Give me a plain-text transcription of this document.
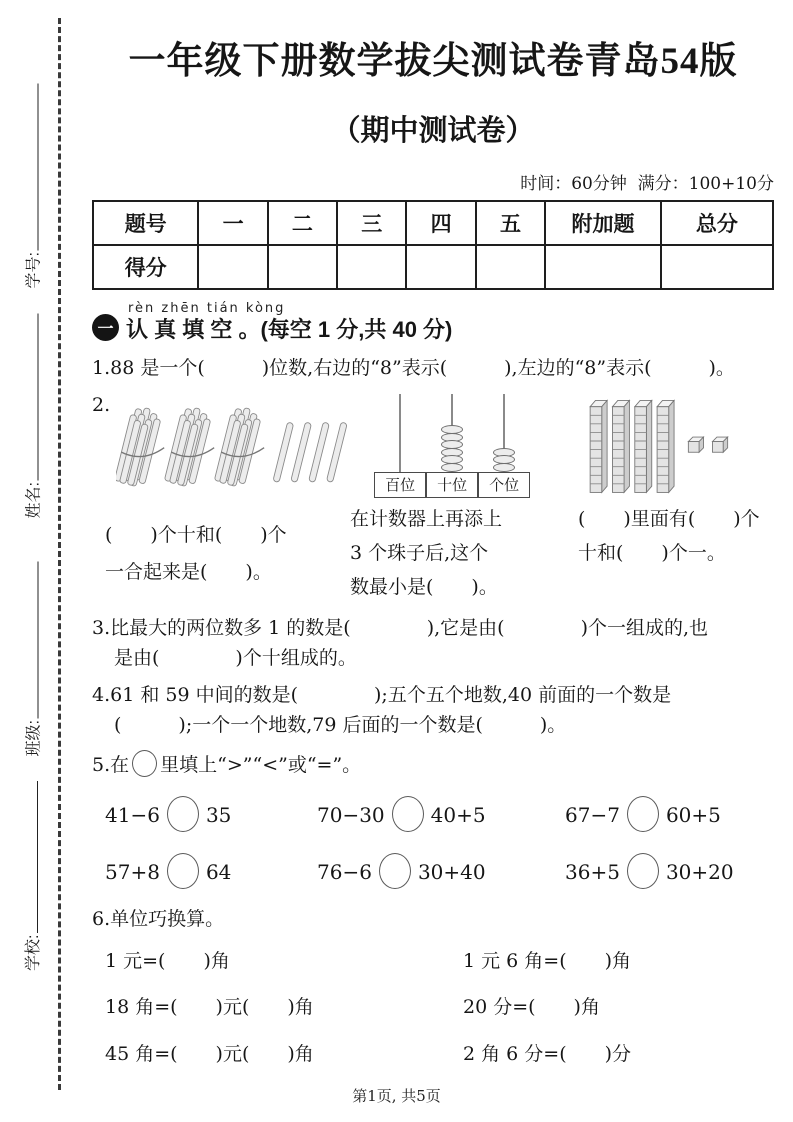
学号:
姓名:
班级:
学校:
一年级下册数学拔尖测试卷青岛54版
（期中测试卷）
时间：60分钟  满分：100+10分
题号	一	二	三	四	五	附加题	总分
得分							
一
rèn zhēn tián kòng
认 真 填 空 。(每空 1 分,共 40 分)
1.88 是一个(　　　)位数,右边的“8”表示(　　　),左边的“8”表示(　　　)。
2.
百位	十位	个位
(　　)个十和(　　)个
一合起来是(　　)。
在计数器上再添上
3 个珠子后,这个
数最小是(　　)。
(　　)里面有(　　)个
十和(　　)个一。
3.比最大的两位数多 1 的数是(　　　　),它是由(　　　　)个一组成的,也
是由(　　　　)个十组成的。
4.61 和 59 中间的数是(　　　　);五个五个地数,40 前面的一个数是
(　　　);一个一个地数,79 后面的一个数是(　　　)。
5.在 里填上“>”“<”或“=”。
41−6 35	70−30 40+5	67−7 60+5
57+8 64	76−6 30+40	36+5 30+20
6.单位巧换算。
1 元=(　　)角	1 元 6 角=(　　)角
18 角=(　　)元(　　)角	20 分=(　　)角
45 角=(　　)元(　　)角	2 角 6 分=(　　)分
第1页, 共5页
